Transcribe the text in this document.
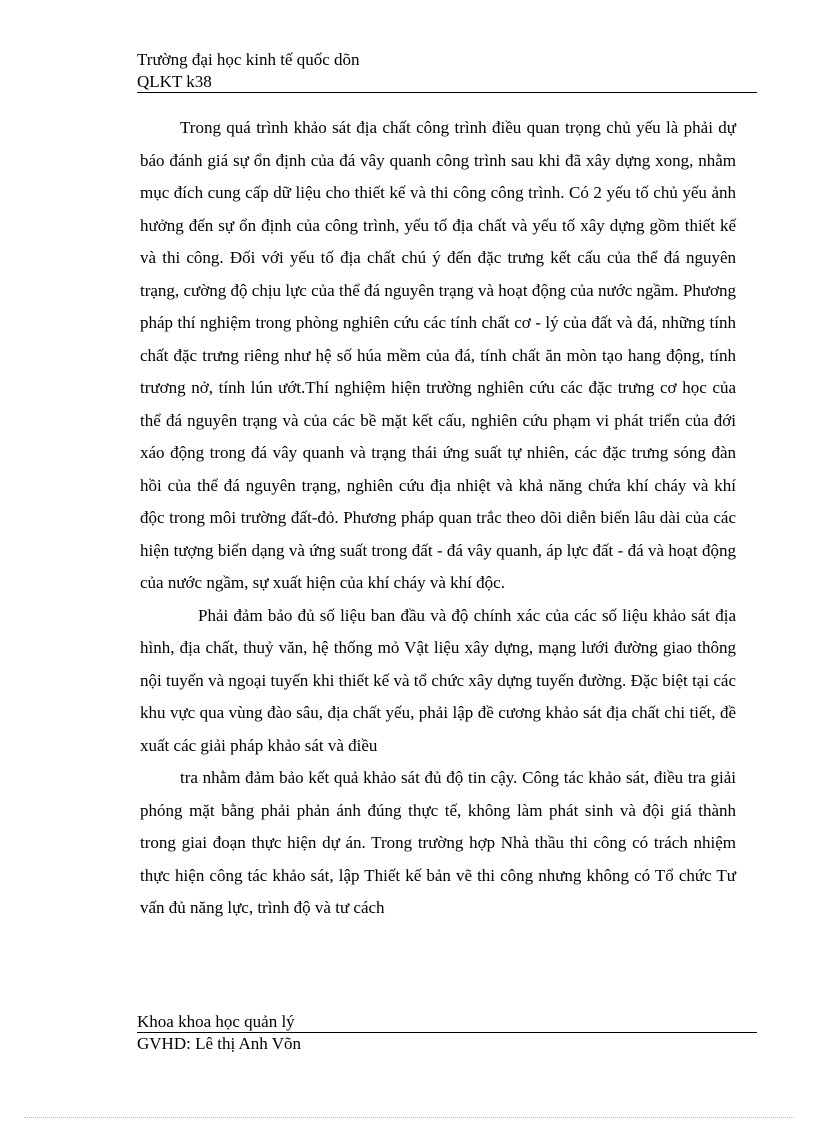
Trường đại học kinh tế quốc dõn
QLKT k38

Trong quá trình khảo sát địa chất công trình điều quan trọng chủ yếu là phải dự báo đánh giá sự ổn định của đá vây quanh công trình sau khi đã xây dựng xong, nhằm mục đích cung cấp dữ liệu cho thiết kế và thi công công trình. Có 2 yếu tố chủ yếu ảnh hưởng đến sự ổn định của công trình, yếu tố địa chất và yếu tố xây dựng gồm thiết kế và thi công. Đối với yếu tố địa chất chú ý đến đặc trưng kết cấu của thể đá nguyên trạng, cường độ chịu lực của thể đá nguyên trạng và hoạt động của nước ngầm. Phương pháp thí nghiệm trong phòng nghiên cứu các tính chất cơ - lý của đất và đá, những tính chất đặc trưng riêng như hệ số húa mềm của đá, tính chất ăn mòn tạo hang động, tính trương nở, tính lún ướt.Thí nghiệm hiện trường nghiên cứu các đặc trưng cơ học của thể đá nguyên trạng và của các bề mặt kết cấu, nghiên cứu phạm vi phát triển của đới xáo động trong đá vây quanh và trạng thái ứng suất tự nhiên, các đặc trưng sóng đàn hồi của thể đá nguyên trạng, nghiên cứu địa nhiệt và khả năng chứa khí cháy và khí độc trong môi trường đất-đỏ. Phương pháp quan trắc theo dõi diễn biến lâu dài của các hiện tượng biến dạng và ứng suất trong đất - đá vây quanh, áp lực đất - đá và hoạt động của nước ngầm, sự xuất hiện của khí cháy và khí độc.

Phải đảm bảo đủ số liệu ban đầu và độ chính xác của các số liệu khảo sát địa hình, địa chất, thuỷ văn, hệ thống mỏ Vật liệu xây dựng, mạng lưới đường giao thông nội tuyến và ngoại tuyến khi thiết kế và tổ chức xây dựng tuyến đường. Đặc biệt tại các khu vực qua vùng đào sâu, địa chất yếu, phải lập đề cương khảo sát địa chất chi tiết, đề xuất các giải pháp khảo sát và điều

tra nhằm đảm bảo kết quả khảo sát đủ độ tin cậy. Công tác khảo sát, điều tra giải phóng mặt bằng phải phản ánh đúng thực tế, không làm phát sinh và đội giá thành trong giai đoạn thực hiện dự án. Trong trường hợp Nhà thầu thi công có trách nhiệm thực hiện công tác khảo sát, lập Thiết kế bản vẽ thi công nhưng không có Tổ chức Tư vấn đủ năng lực, trình độ và tư cách

Khoa khoa học quản lý
GVHD: Lê thị Anh Võn
